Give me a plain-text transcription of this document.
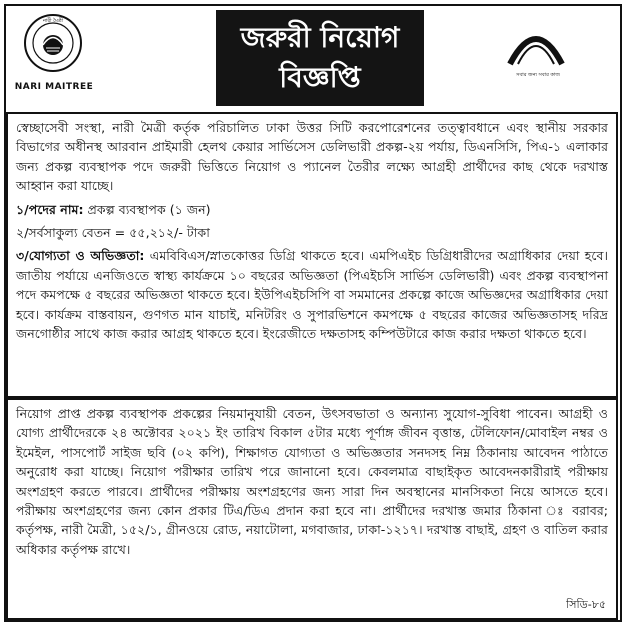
নারী মৈত্রী
NARI MAITREE
জরুরী নিয়োগ
বিজ্ঞপ্তি	সবার জন্য সবার কাজ

স্বেচ্ছাসেবী সংস্থা, নারী মৈত্রী কর্তৃক পরিচালিত ঢাকা উত্তর সিটি করপোরেশনের তত্ত্বাবধানে এবং স্থানীয় সরকার বিভাগের অধীনস্থ আরবান প্রাইমারী হেলথ কেয়ার সার্ভিসেস ডেলিভারী প্রকল্প-২য় পর্যায়, ডিএনসিসি, পিএ-১ এলাকার জন্য প্রকল্প ব্যবস্থাপক পদে জরুরী ভিত্তিতে নিয়োগ ও প্যানেল তৈরীর লক্ষ্যে আগ্রহী প্রার্থীদের কাছ থেকে দরখাস্ত আহ্বান করা যাচ্ছে।

১/পদের নাম: প্রকল্প ব্যবস্থাপক (১ জন)

২/সর্বসাকুল্য বেতন = ৫৫,২১২/- টাকা

৩/যোগ্যতা ও অভিজ্ঞতা: এমবিবিএস/স্নাতকোত্তর ডিগ্রি থাকতে হবে। এমপিএইচ ডিগ্রিধারীদের অগ্রাধিকার দেয়া হবে। জাতীয় পর্যায়ে এনজিওতে স্বাস্থ্য কার্যক্রমে ১০ বছরের অভিজ্ঞতা (পিএইচসি সার্ভিস ডেলিভারী) এবং প্রকল্প ব্যবস্থাপনা পদে কমপক্ষে ৫ বছরের অভিজ্ঞতা থাকতে হবে। ইউপিএইচসিপি বা সমমানের প্রকল্পে কাজে অভিজ্ঞদের অগ্রাধিকার দেয়া হবে। কার্যক্রম বাস্তবায়ন, গুণগত মান যাচাই, মনিটরিং ও সুপারভিশনে কমপক্ষে ৫ বছরের কাজের অভিজ্ঞতাসহ দরিদ্র জনগোষ্ঠীর সাথে কাজ করার আগ্রহ থাকতে হবে। ইংরেজীতে দক্ষতাসহ কম্পিউটারে কাজ করার দক্ষতা থাকতে হবে।

নিয়োগ প্রাপ্ত প্রকল্প ব্যবস্থাপক প্রকল্পের নিয়মানুযায়ী বেতন, উৎসবভাতা ও অন্যান্য সুযোগ-সুবিধা পাবেন। আগ্রহী ও যোগ্য প্রার্থীদেরকে ২৪ অক্টোবর ২০২১ ইং তারিখ বিকাল ৫টার মধ্যে পূর্ণাঙ্গ জীবন বৃত্তান্ত, টেলিফোন/মোবাইল নম্বর ও ইমেইল, পাসপোর্ট সাইজ ছবি (০২ কপি), শিক্ষাগত যোগ্যতা ও অভিজ্ঞতার সনদসহ নিম্ন ঠিকানায় আবেদন পাঠাতে অনুরোধ করা যাচ্ছে। নিয়োগ পরীক্ষার তারিখ পরে জানানো হবে। কেবলমাত্র বাছাইকৃত আবেদনকারীরাই পরীক্ষায় অংশগ্রহণ করতে পারবে। প্রার্থীদের পরীক্ষায় অংশগ্রহণের জন্য সারা দিন অবস্থানের মানসিকতা নিয়ে আসতে হবে। পরীক্ষায় অংশগ্রহণের জন্য কোন প্রকার টিএ/ডিএ প্রদান করা হবে না। প্রার্থীদের দরখাস্ত জমার ঠিকানা ঃ বরাবর; কর্তৃপক্ষ, নারী মৈত্রী, ১৫২/১, গ্রীনওয়ে রোড, নয়াটোলা, মগবাজার, ঢাকা-১২১৭। দরখাস্ত বাছাই, গ্রহণ ও বাতিল করার অধিকার কর্তৃপক্ষ রাখে।

সিডি-৮৫
